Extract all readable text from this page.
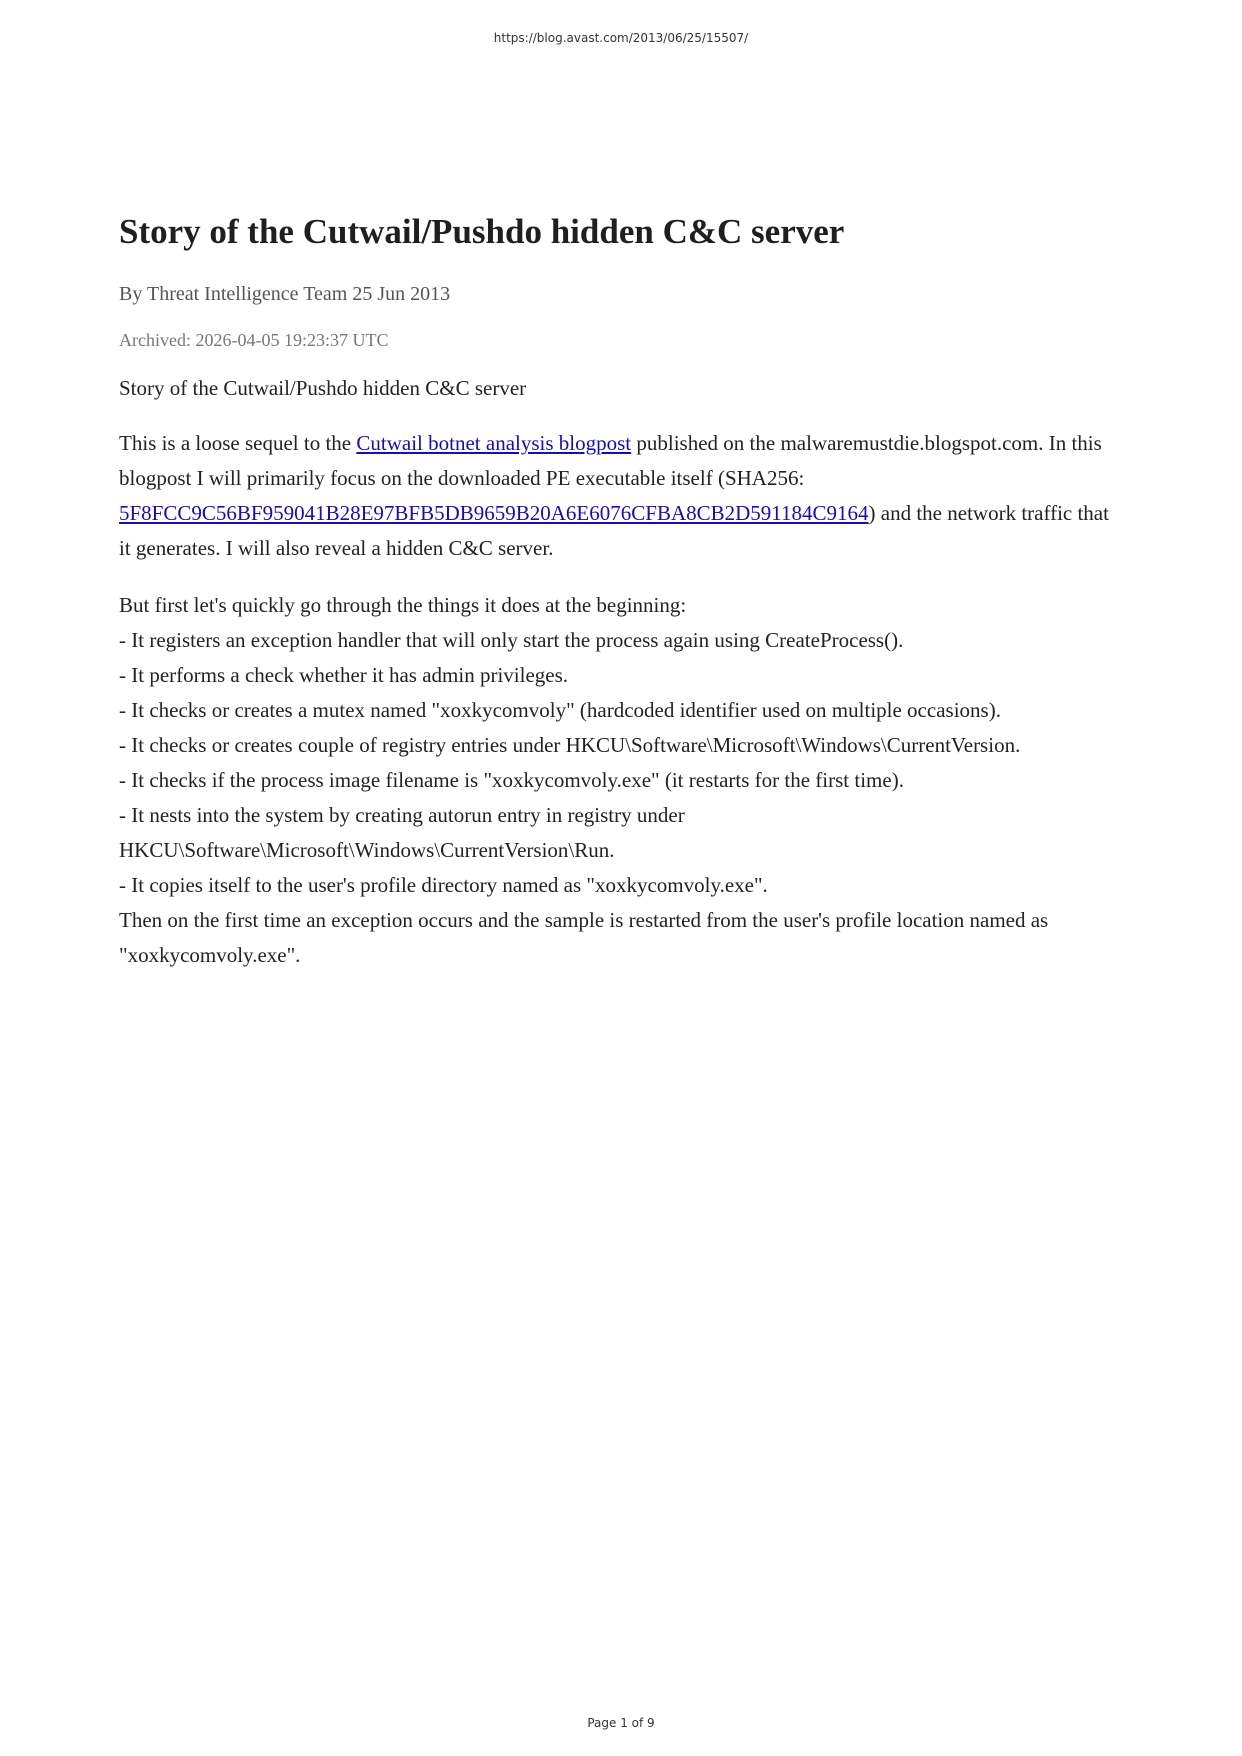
https://blog.avast.com/2013/06/25/15507/
Story of the Cutwail/Pushdo hidden C&C server
By Threat Intelligence Team 25 Jun 2013
Archived: 2026-04-05 19:23:37 UTC

Story of the Cutwail/Pushdo hidden C&C server

This is a loose sequel to the Cutwail botnet analysis blogpost published on the malwaremustdie.blogspot.com. In this blogpost I will primarily focus on the downloaded PE executable itself (SHA256: 5F8FCC9C56BF959041B28E97BFB5DB9659B20A6E6076CFBA8CB2D591184C9164) and the network traffic that it generates. I will also reveal a hidden C&C server.

But first let's quickly go through the things it does at the beginning:
- It registers an exception handler that will only start the process again using CreateProcess().
- It performs a check whether it has admin privileges.
- It checks or creates a mutex named "xoxkycomvoly" (hardcoded identifier used on multiple occasions).
- It checks or creates couple of registry entries under HKCU\Software\Microsoft\Windows\CurrentVersion.
- It checks if the process image filename is "xoxkycomvoly.exe" (it restarts for the first time).
- It nests into the system by creating autorun entry in registry under HKCU\Software\Microsoft\Windows\CurrentVersion\Run.
- It copies itself to the user's profile directory named as "xoxkycomvoly.exe".
Then on the first time an exception occurs and the sample is restarted from the user's profile location named as "xoxkycomvoly.exe".

Page 1 of 9
